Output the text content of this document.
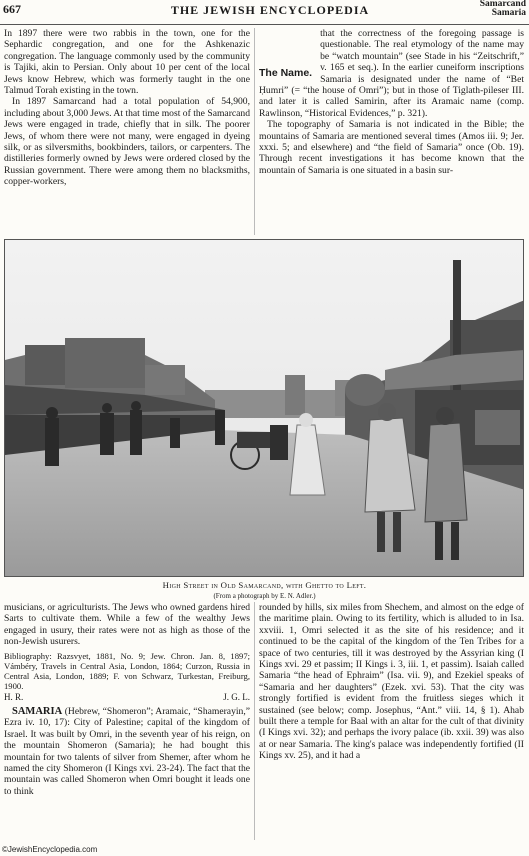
667	THE JEWISH ENCYCLOPEDIA	Samarcand
Samaria

In 1897 there were two rabbis in the town, one for the Sephardic congregation, and one for the Ashkenazic congregation. The language commonly used by the community is Tajiki, akin to Persian. Only about 10 per cent of the local Jews know Hebrew, which was formerly taught in the one Talmud Torah existing in the town.

In 1897 Samarcand had a total population of 54,900, including about 3,000 Jews. At that time most of the Samarcand Jews were engaged in trade, chiefly that in silk. The poorer Jews, of whom there were not many, were engaged in dyeing silk, or as silversmiths, bookbinders, tailors, or carpenters. The distilleries formerly owned by Jews were ordered closed by the Russian government. There were among them no blacksmiths, copper-workers,

The Name.
that the correctness of the foregoing passage is questionable. The real etymology of the name may be “watch mountain” (see Stade in his “Zeitschrift,” v. 165 et seq.). In the earlier cuneiform inscriptions Samaria is designated under the name of “Bet Ḥumri” (= “the house of Omri”); but in those of Tiglath-pileser III. and later it is called Samirin, after its Aramaic name (comp. Rawlinson, “Historical Evidences,” p. 321).

The topography of Samaria is not indicated in the Bible; the mountains of Samaria are mentioned several times (Amos iii. 9; Jer. xxxi. 5; and elsewhere) and “the field of Samaria” once (Ob. 19). Through recent investigations it has become known that the mountain of Samaria is one situated in a basin sur-

High Street in Old Samarcand, with Ghetto to Left.
(From a photograph by E. N. Adler.)

musicians, or agriculturists. The Jews who owned gardens hired Sarts to cultivate them. While a few of the wealthy Jews engaged in usury, their rates were not as high as those of the non-Jewish usurers.

Bibliography: Razsvyet, 1881, No. 9; Jew. Chron. Jan. 8, 1897; Vámbéry, Travels in Central Asia, London, 1864; Curzon, Russia in Central Asia, London, 1889; F. von Schwarz, Turkestan, Freiburg, 1900.

H. R.	J. G. L.

SAMARIA (Hebrew, “Shomeron”; Aramaic, “Shamerayin,” Ezra iv. 10, 17): City of Palestine; capital of the kingdom of Israel. It was built by Omri, in the seventh year of his reign, on the mountain Shomeron (Samaria); he had bought this mountain for two talents of silver from Shemer, after whom he named the city Shomeron (I Kings xvi. 23-24). The fact that the mountain was called Shomeron when Omri bought it leads one to think

rounded by hills, six miles from Shechem, and almost on the edge of the maritime plain. Owing to its fertility, which is alluded to in Isa. xxviii. 1, Omri selected it as the site of his residence; and it continued to be the capital of the kingdom of the Ten Tribes for a space of two centuries, till it was destroyed by the Assyrian king (I Kings xvi. 29 et passim; II Kings i. 3, iii. 1, et passim). Isaiah called Samaria “the head of Ephraim” (Isa. vii. 9), and Ezekiel speaks of “Samaria and her daughters” (Ezek. xvi. 53). That the city was strongly fortified is evident from the fruitless sieges which it sustained (see below; comp. Josephus, “Ant.” viii. 14, § 1). Ahab built there a temple for Baal with an altar for the cult of that divinity (I Kings xvi. 32); and perhaps the ivory palace (ib. xxii. 39) was also at or near Samaria. The king's palace was independently fortified (II Kings xv. 25), and it had a

©JewishEncyclopedia.com
